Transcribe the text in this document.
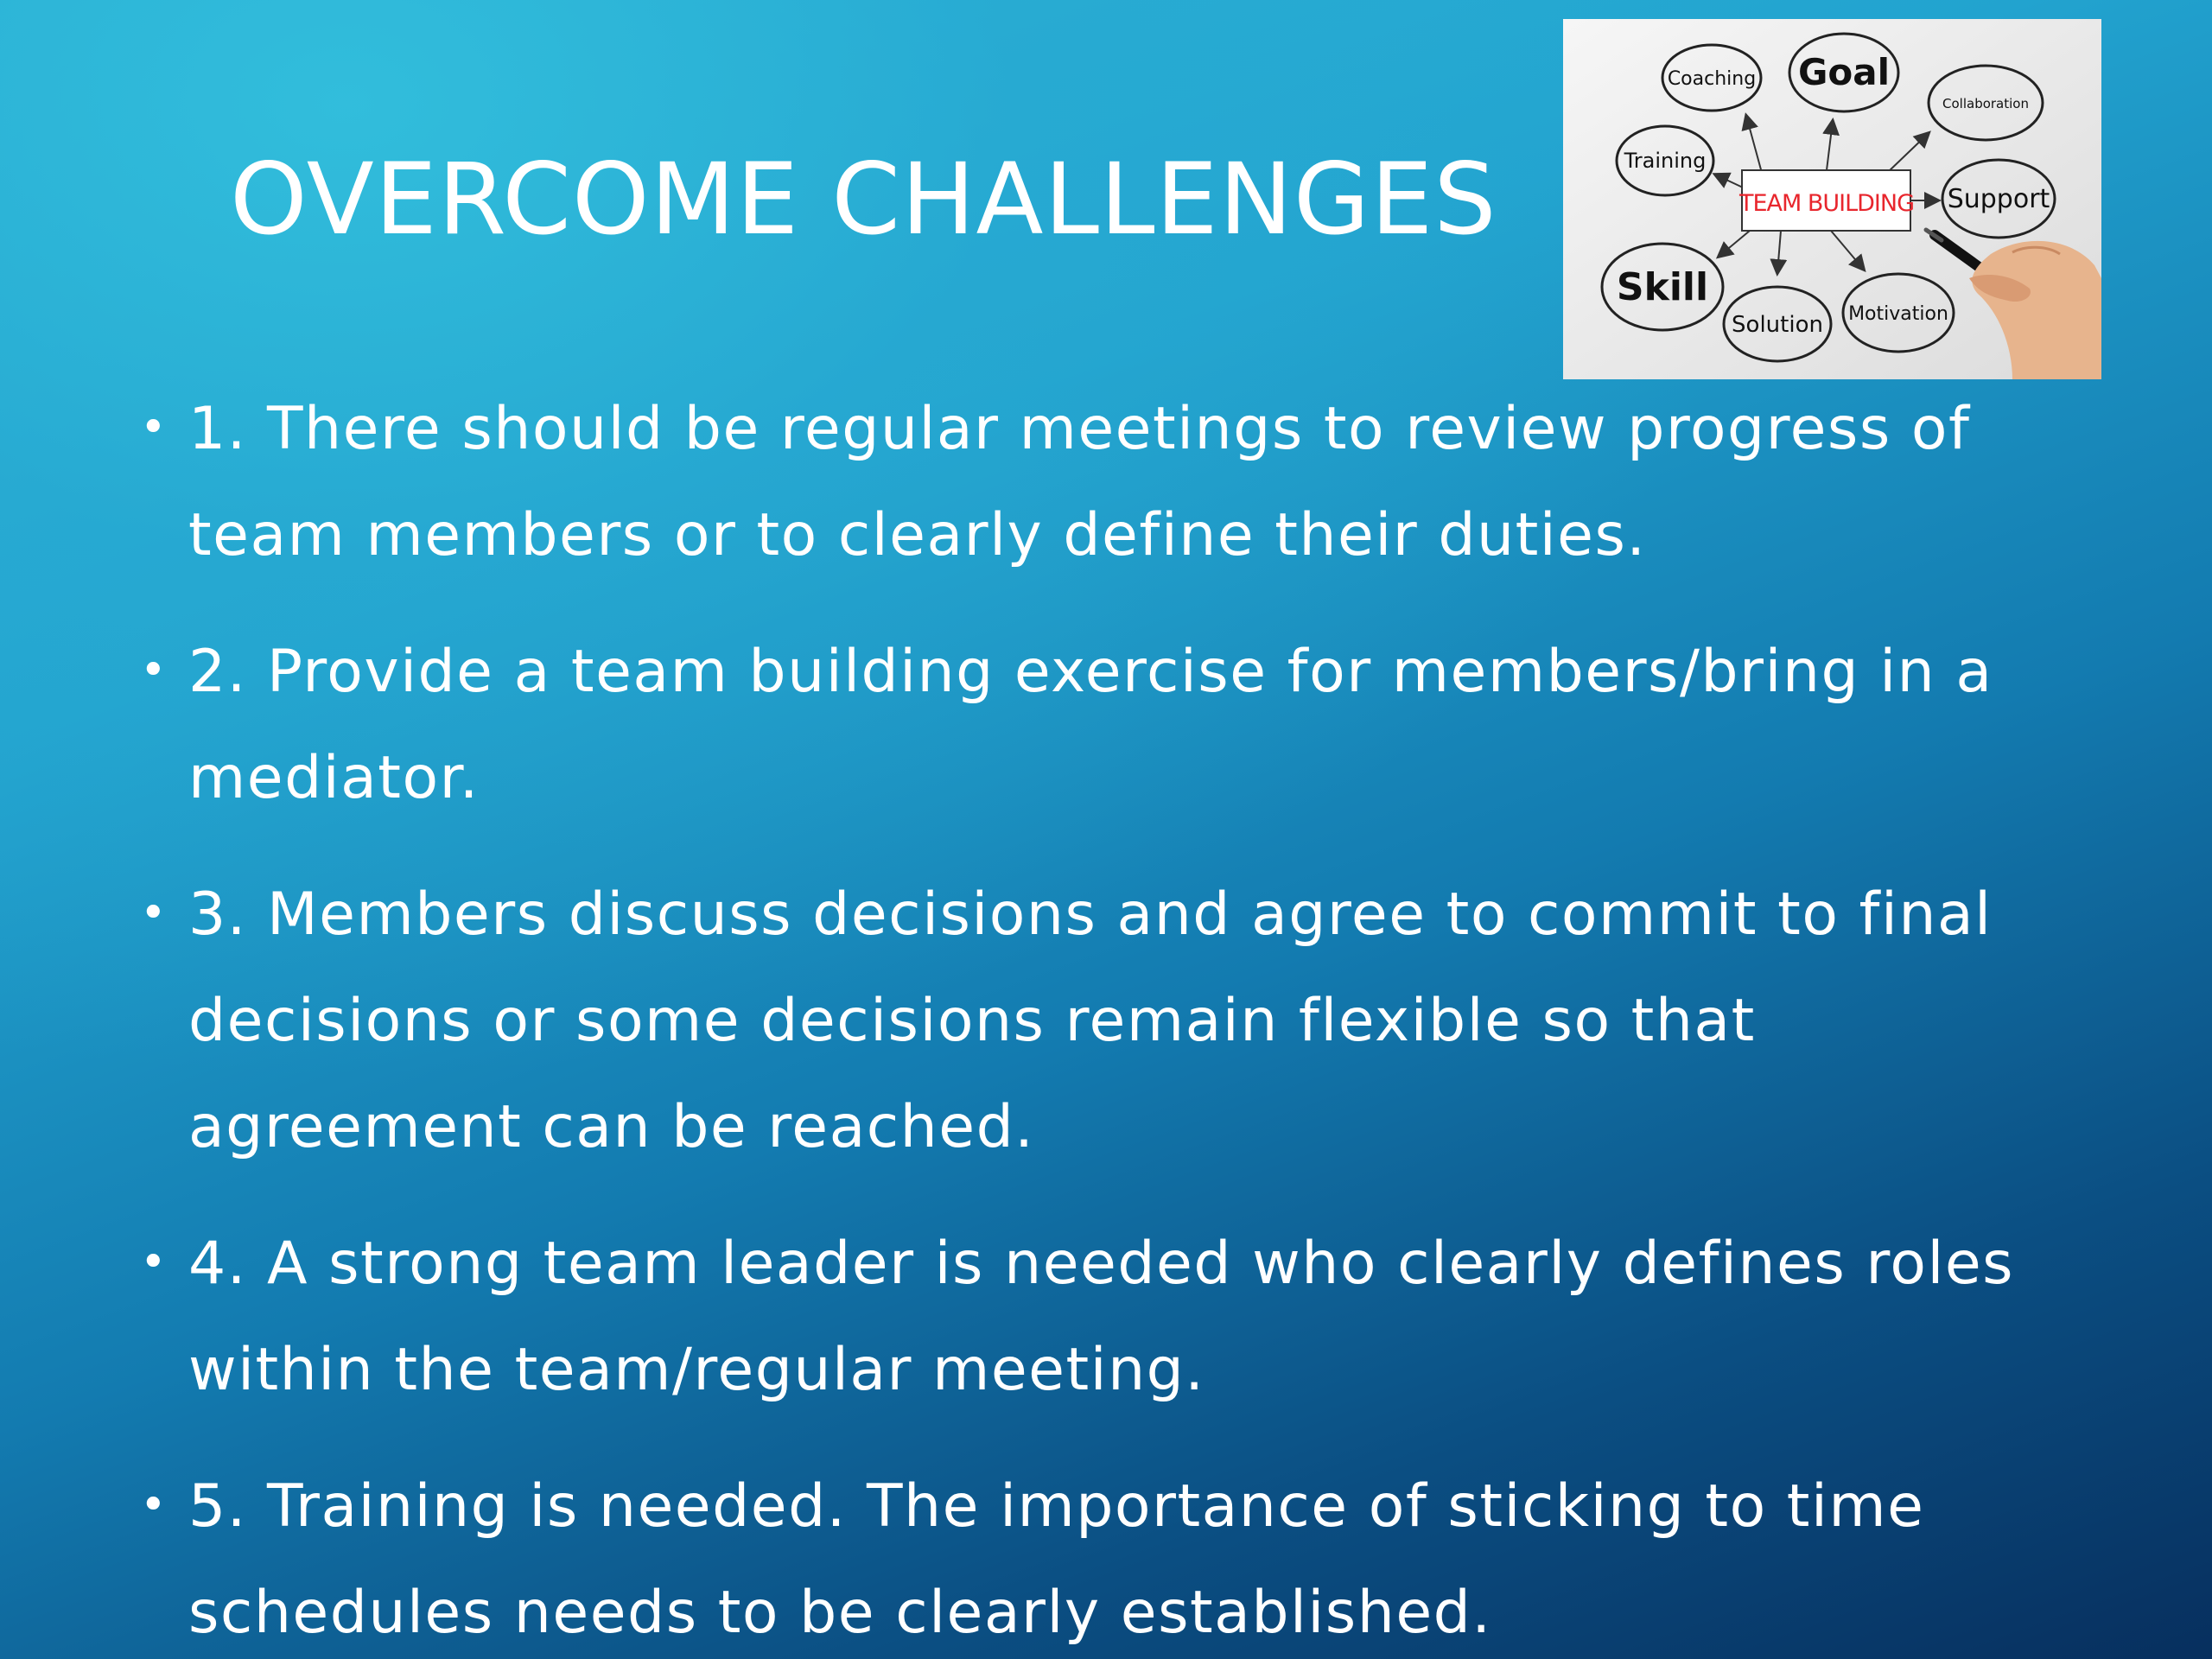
OVERCOME CHALLENGES	TEAM BUILDING
Coaching Goal
Collaboration
Training
Support
Skill
Solution Motivation
• 1. There should be regular meetings to review progress of team members or to clearly define their duties.
• 2. Provide a team building exercise for members/bring in a mediator.
• 3. Members discuss decisions and agree to commit to final decisions or some decisions remain flexible so that agreement can be reached.
• 4. A strong team leader is needed who clearly defines roles within the team/regular meeting.
• 5. Training is needed. The importance of sticking to time schedules needs to be clearly established.
